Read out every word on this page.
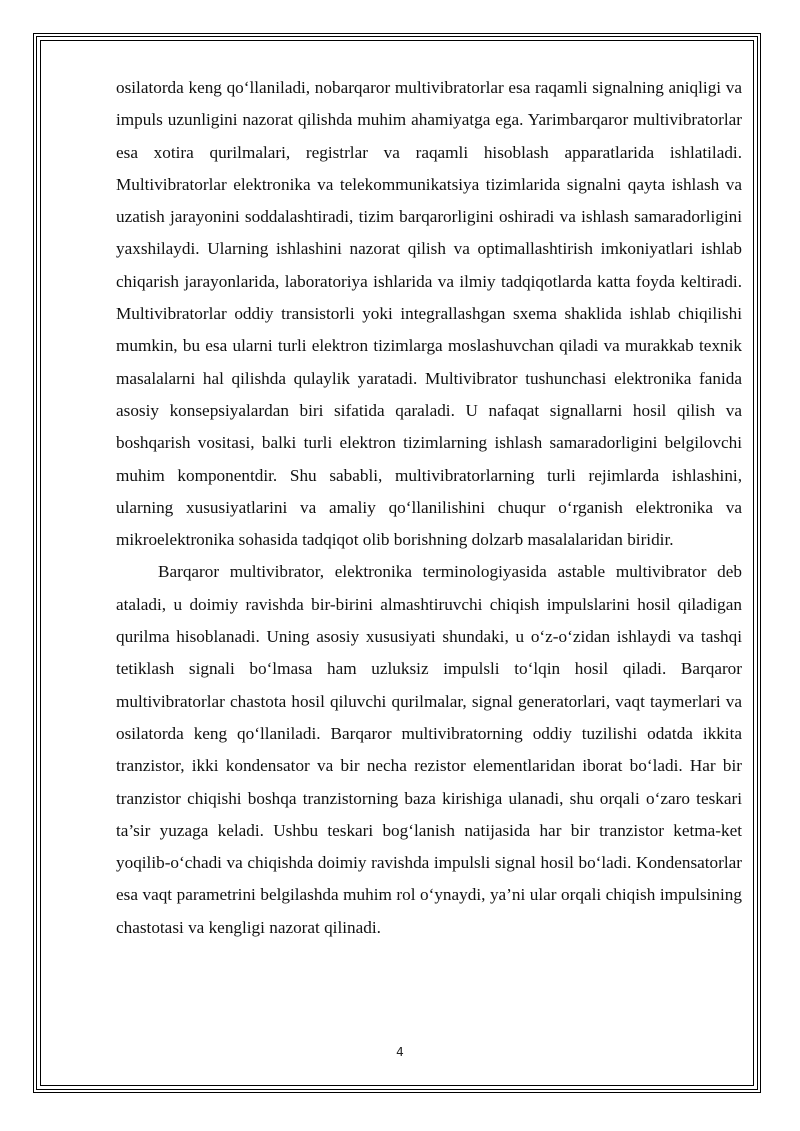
osilatorda keng qo‘llaniladi, nobarqaror multivibratorlar esa raqamli signalning aniqligi va impuls uzunligini nazorat qilishda muhim ahamiyatga ega. Yarimbarqaror multivibratorlar esa xotira qurilmalari, registrlar va raqamli hisoblash apparatlarida ishlatiladi. Multivibratorlar elektronika va telekommunikatsiya tizimlarida signalni qayta ishlash va uzatish jarayonini soddalashtiradi, tizim barqarorligini oshiradi va ishlash samaradorligini yaxshilaydi. Ularning ishlashini nazorat qilish va optimallashtirish imkoniyatlari ishlab chiqarish jarayonlarida, laboratoriya ishlarida va ilmiy tadqiqotlarda katta foyda keltiradi. Multivibratorlar oddiy transistorli yoki integrallashgan sxema shaklida ishlab chiqilishi mumkin, bu esa ularni turli elektron tizimlarga moslashuvchan qiladi va murakkab texnik masalalarni hal qilishda qulaylik yaratadi. Multivibrator tushunchasi elektronika fanida asosiy konsepsiyalardan biri sifatida qaraladi. U nafaqat signallarni hosil qilish va boshqarish vositasi, balki turli elektron tizimlarning ishlash samaradorligini belgilovchi muhim komponentdir. Shu sababli, multivibratorlarning turli rejimlarda ishlashini, ularning xususiyatlarini va amaliy qo‘llanilishini chuqur o‘rganish elektronika va mikroelektronika sohasida tadqiqot olib borishning dolzarb masalalaridan biridir.

Barqaror multivibrator, elektronika terminologiyasida astable multivibrator deb ataladi, u doimiy ravishda bir-birini almashtiruvchi chiqish impulslarini hosil qiladigan qurilma hisoblanadi. Uning asosiy xususiyati shundaki, u o‘z-o‘zidan ishlaydi va tashqi tetiklash signali bo‘lmasa ham uzluksiz impulsli to‘lqin hosil qiladi. Barqaror multivibratorlar chastota hosil qiluvchi qurilmalar, signal generatorlari, vaqt taymerlari va osilatorda keng qo‘llaniladi. Barqaror multivibratorning oddiy tuzilishi odatda ikkita tranzistor, ikki kondensator va bir necha rezistor elementlaridan iborat bo‘ladi. Har bir tranzistor chiqishi boshqa tranzistorning baza kirishiga ulanadi, shu orqali o‘zaro teskari ta’sir yuzaga keladi. Ushbu teskari bog‘lanish natijasida har bir tranzistor ketma-ket yoqilib-o‘chadi va chiqishda doimiy ravishda impulsli signal hosil bo‘ladi. Kondensatorlar esa vaqt parametrini belgilashda muhim rol o‘ynaydi, ya’ni ular orqali chiqish impulsining chastotasi va kengligi nazorat qilinadi.

4
